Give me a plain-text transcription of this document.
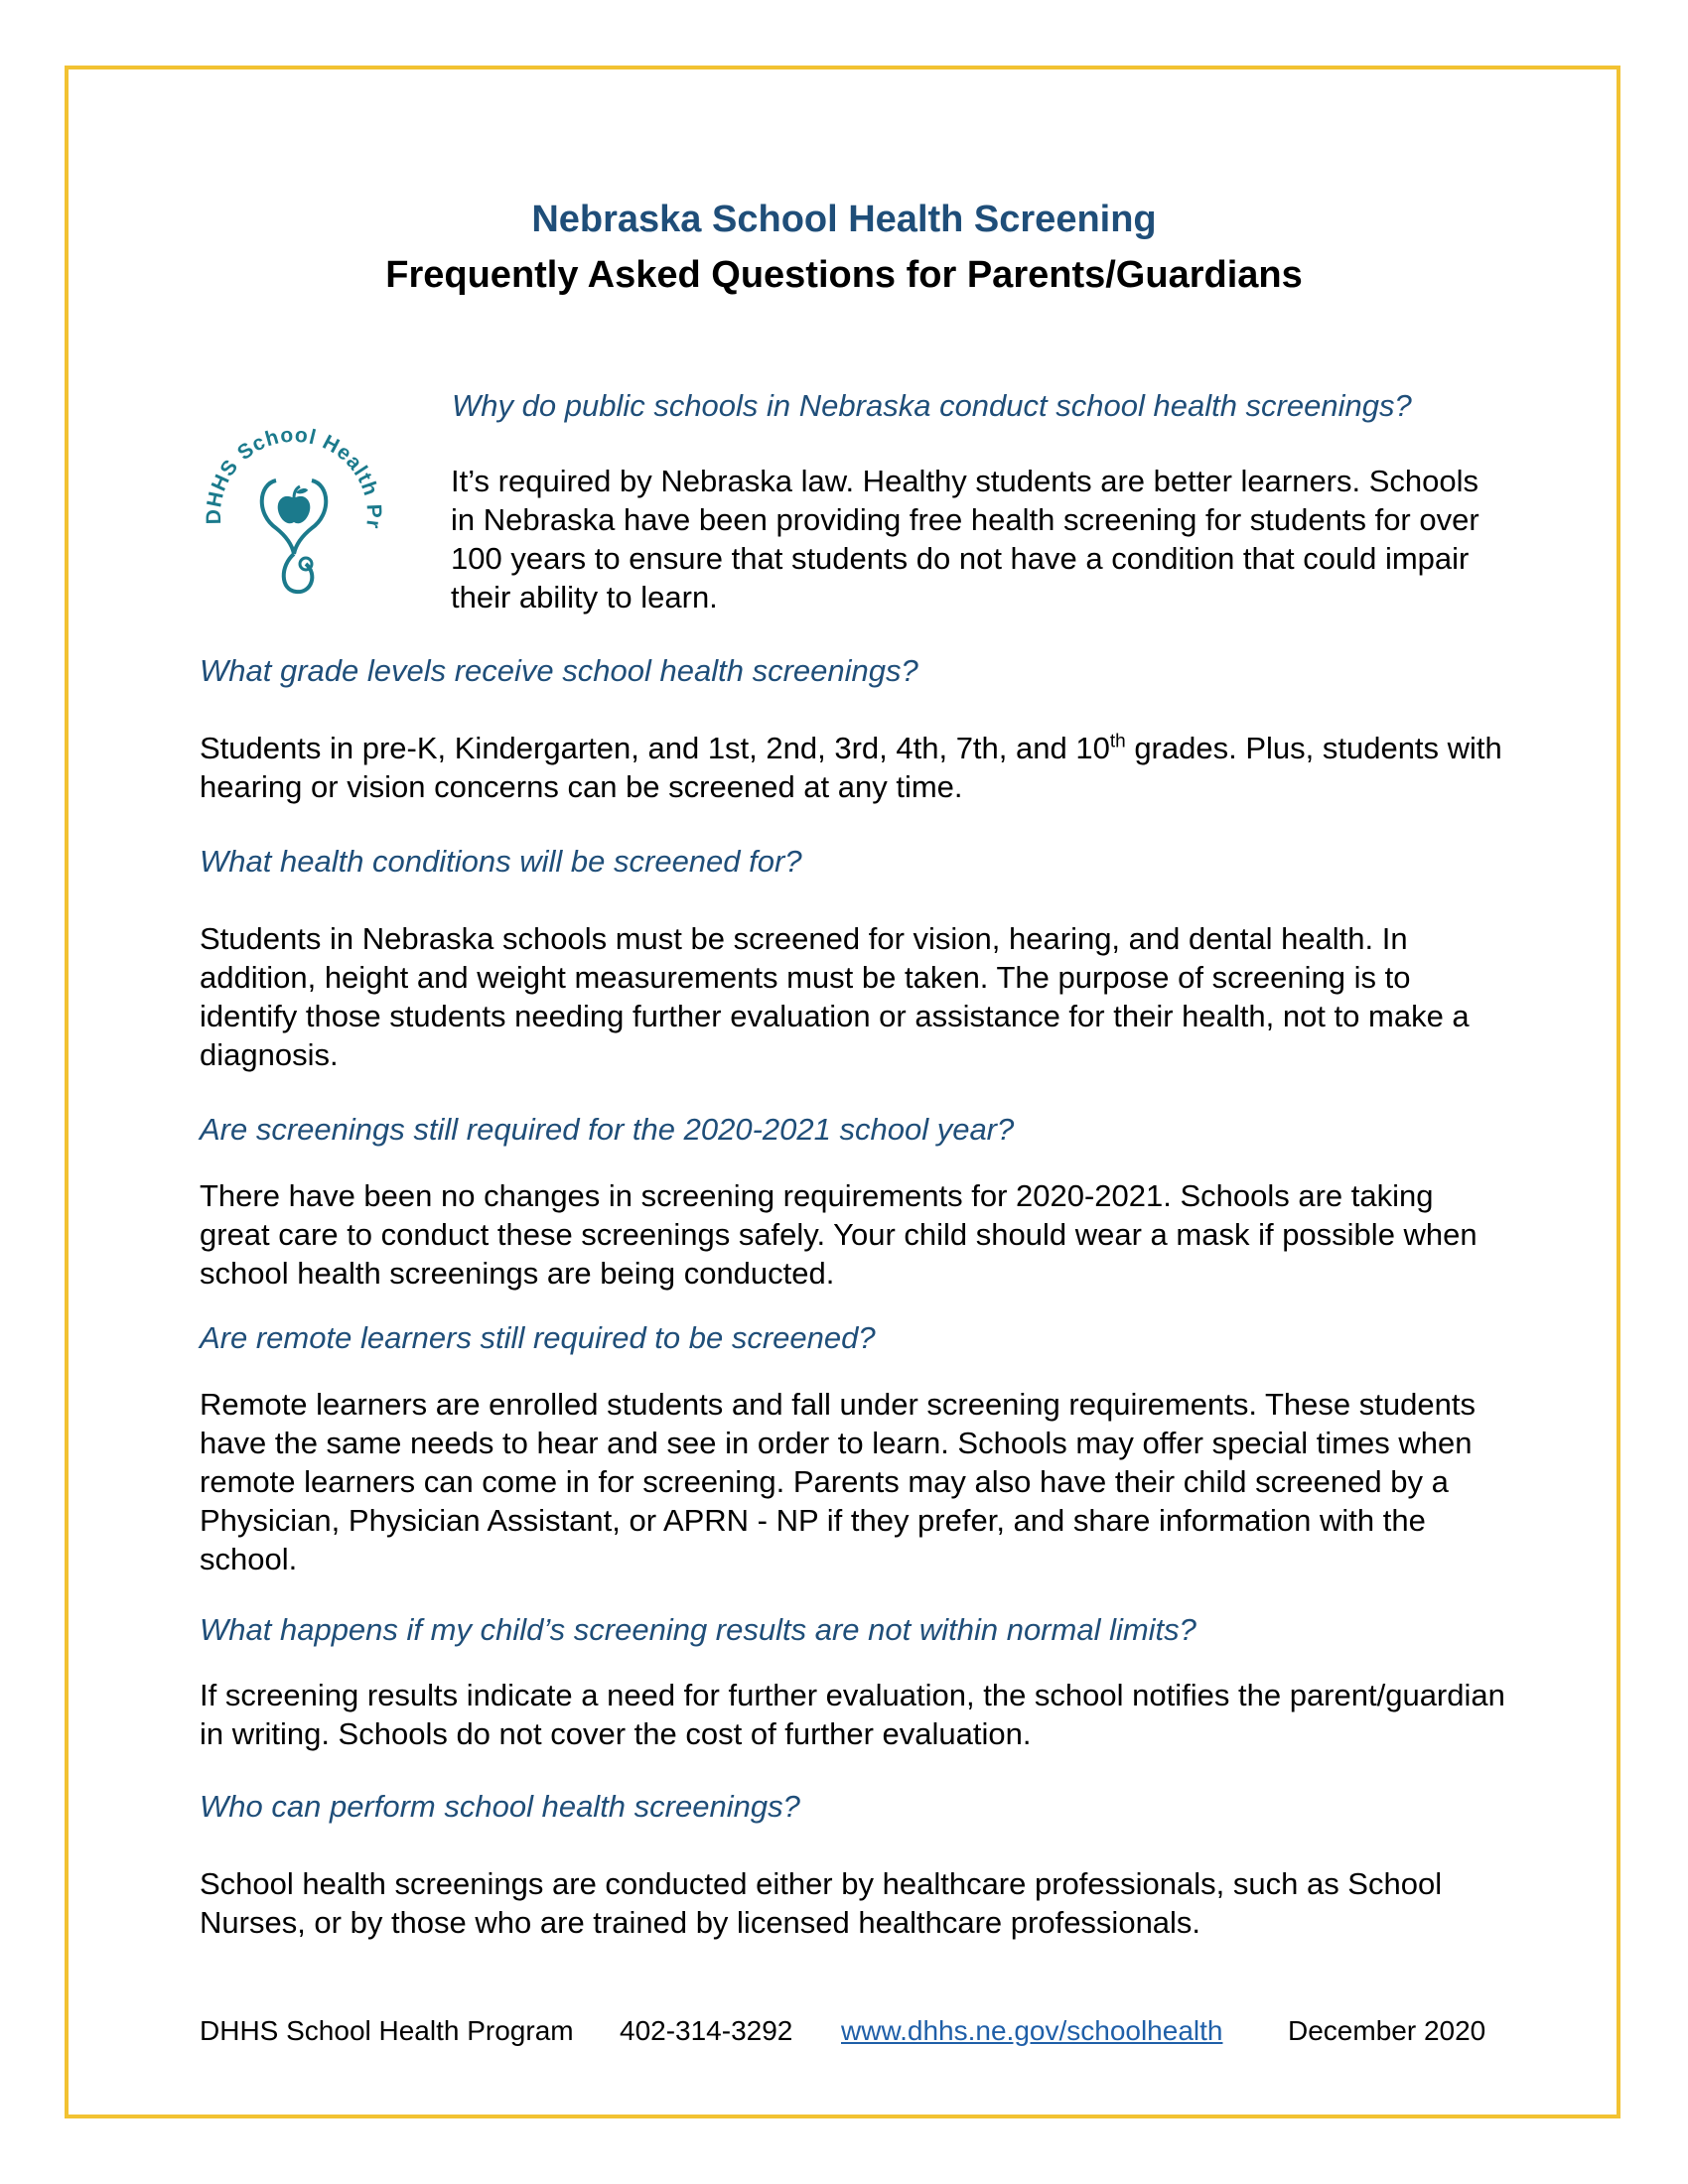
Nebraska School Health Screening
Frequently Asked Questions for Parents/Guardians
DHHS School Health Pr

Why do public schools in Nebraska conduct school health screenings?

It’s required by Nebraska law. Healthy students are better learners. Schools in Nebraska have been providing free health screening for students for over 100 years to ensure that students do not have a condition that could impair their ability to learn.

What grade levels receive school health screenings?

Students in pre-K, Kindergarten, and 1st, 2nd, 3rd, 4th, 7th, and 10th grades. Plus, students with hearing or vision concerns can be screened at any time.

What health conditions will be screened for?

Students in Nebraska schools must be screened for vision, hearing, and dental health. In addition, height and weight measurements must be taken. The purpose of screening is to identify those students needing further evaluation or assistance for their health, not to make a diagnosis.

Are screenings still required for the 2020-2021 school year?

There have been no changes in screening requirements for 2020-2021. Schools are taking great care to conduct these screenings safely. Your child should wear a mask if possible when school health screenings are being conducted.

Are remote learners still required to be screened?

Remote learners are enrolled students and fall under screening requirements. These students have the same needs to hear and see in order to learn. Schools may offer special times when remote learners can come in for screening. Parents may also have their child screened by a Physician, Physician Assistant, or APRN - NP if they prefer, and share information with the school.

What happens if my child’s screening results are not within normal limits?

If screening results indicate a need for further evaluation, the school notifies the parent/guardian in writing. Schools do not cover the cost of further evaluation.

Who can perform school health screenings?

School health screenings are conducted either by healthcare professionals, such as School Nurses, or by those who are trained by licensed healthcare professionals.

DHHS School Health Program 402-314-3292 www.dhhs.ne.gov/schoolhealth December 2020
